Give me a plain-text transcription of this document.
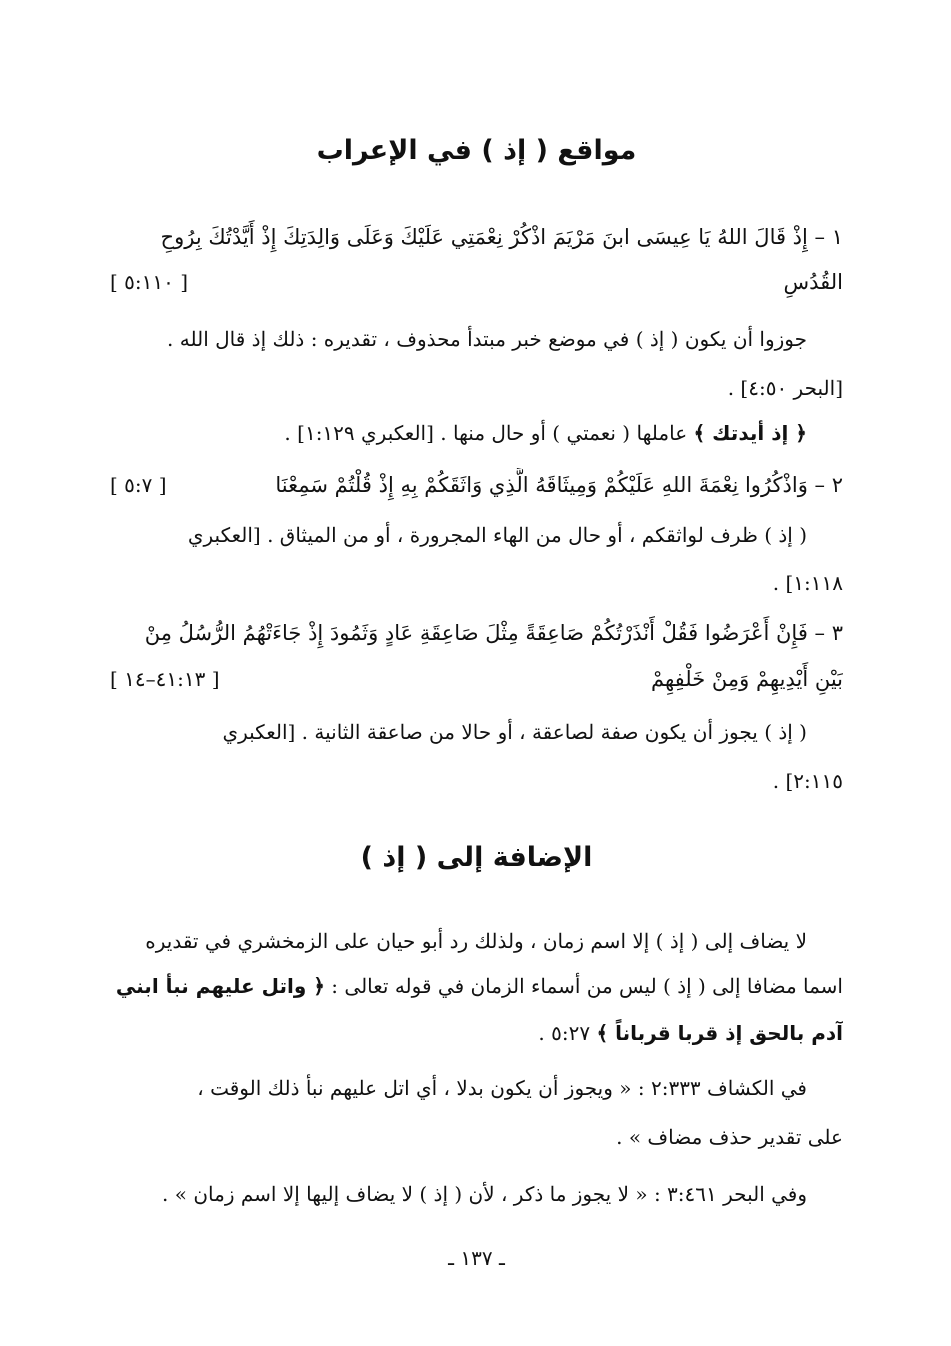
مواقع ( إذ ) في الإعراب
١ – إِذْ قَالَ اللهُ يَا عِيسَى ابنَ مَرْيَمَ اذْكُرْ نِعْمَتِي عَلَيْكَ وَعَلَى وَالِدَتِكَ إِذْ أَيَّدْتُكَ بِرُوحِ
القُدُسِ
[ ٥:١١٠ ]
جوزوا أن يكون ( إذ ) في موضع خبر مبتدأ محذوف ، تقديره : ذلك إذ قال الله .
[البحر ٤:٥٠] .
﴿ إذ أيدتك ﴾ عاملها ( نعمتي ) أو حال منها . [العكبري ١:١٢٩] .
٢ – وَاذْكُرُوا نِعْمَةَ اللهِ عَلَيْكُمْ وَمِيثَاقَهُ الَّذِي وَاثَقَكُمْ بِهِ إِذْ قُلْتُمْ سَمِعْنَا
[ ٥:٧ ]
( إذ ) ظرف لواثقكم ، أو حال من الهاء المجرورة ، أو من الميثاق . [العكبري
١:١١٨] .
٣ – فَإِنْ أَعْرَضُوا فَقُلْ أَنْذَرْتُكُمْ صَاعِقَةً مِثْلَ صَاعِقَةِ عَادٍ وَثَمُودَ إِذْ جَاءَتْهُمُ الرُّسُلُ مِنْ
بَيْنِ أَيْدِيهِمْ وَمِنْ خَلْفِهِمْ
[ ٤١:١٣–١٤ ]
( إذ ) يجوز أن يكون صفة لصاعقة ، أو حالا من صاعقة الثانية . [العكبري
٢:١١٥] .
الإضافة إلى ( إذ )
لا يضاف إلى ( إذ ) إلا اسم زمان ، ولذلك رد أبو حيان على الزمخشري في تقديره
اسما مضافا إلى ( إذ ) ليس من أسماء الزمان في قوله تعالى : ﴿ واتل عليهم نبأ ابني
آدم بالحق إذ قربا قرباناً ﴾ ٥:٢٧ .
في الكشاف ٢:٣٣٣ : « ويجوز أن يكون بدلا ، أي اتل عليهم نبأ ذلك الوقت ،
على تقدير حذف مضاف » .
وفي البحر ٣:٤٦١ : « لا يجوز ما ذكر ، لأن ( إذ ) لا يضاف إليها إلا اسم زمان » .
ـ ١٣٧ ـ
